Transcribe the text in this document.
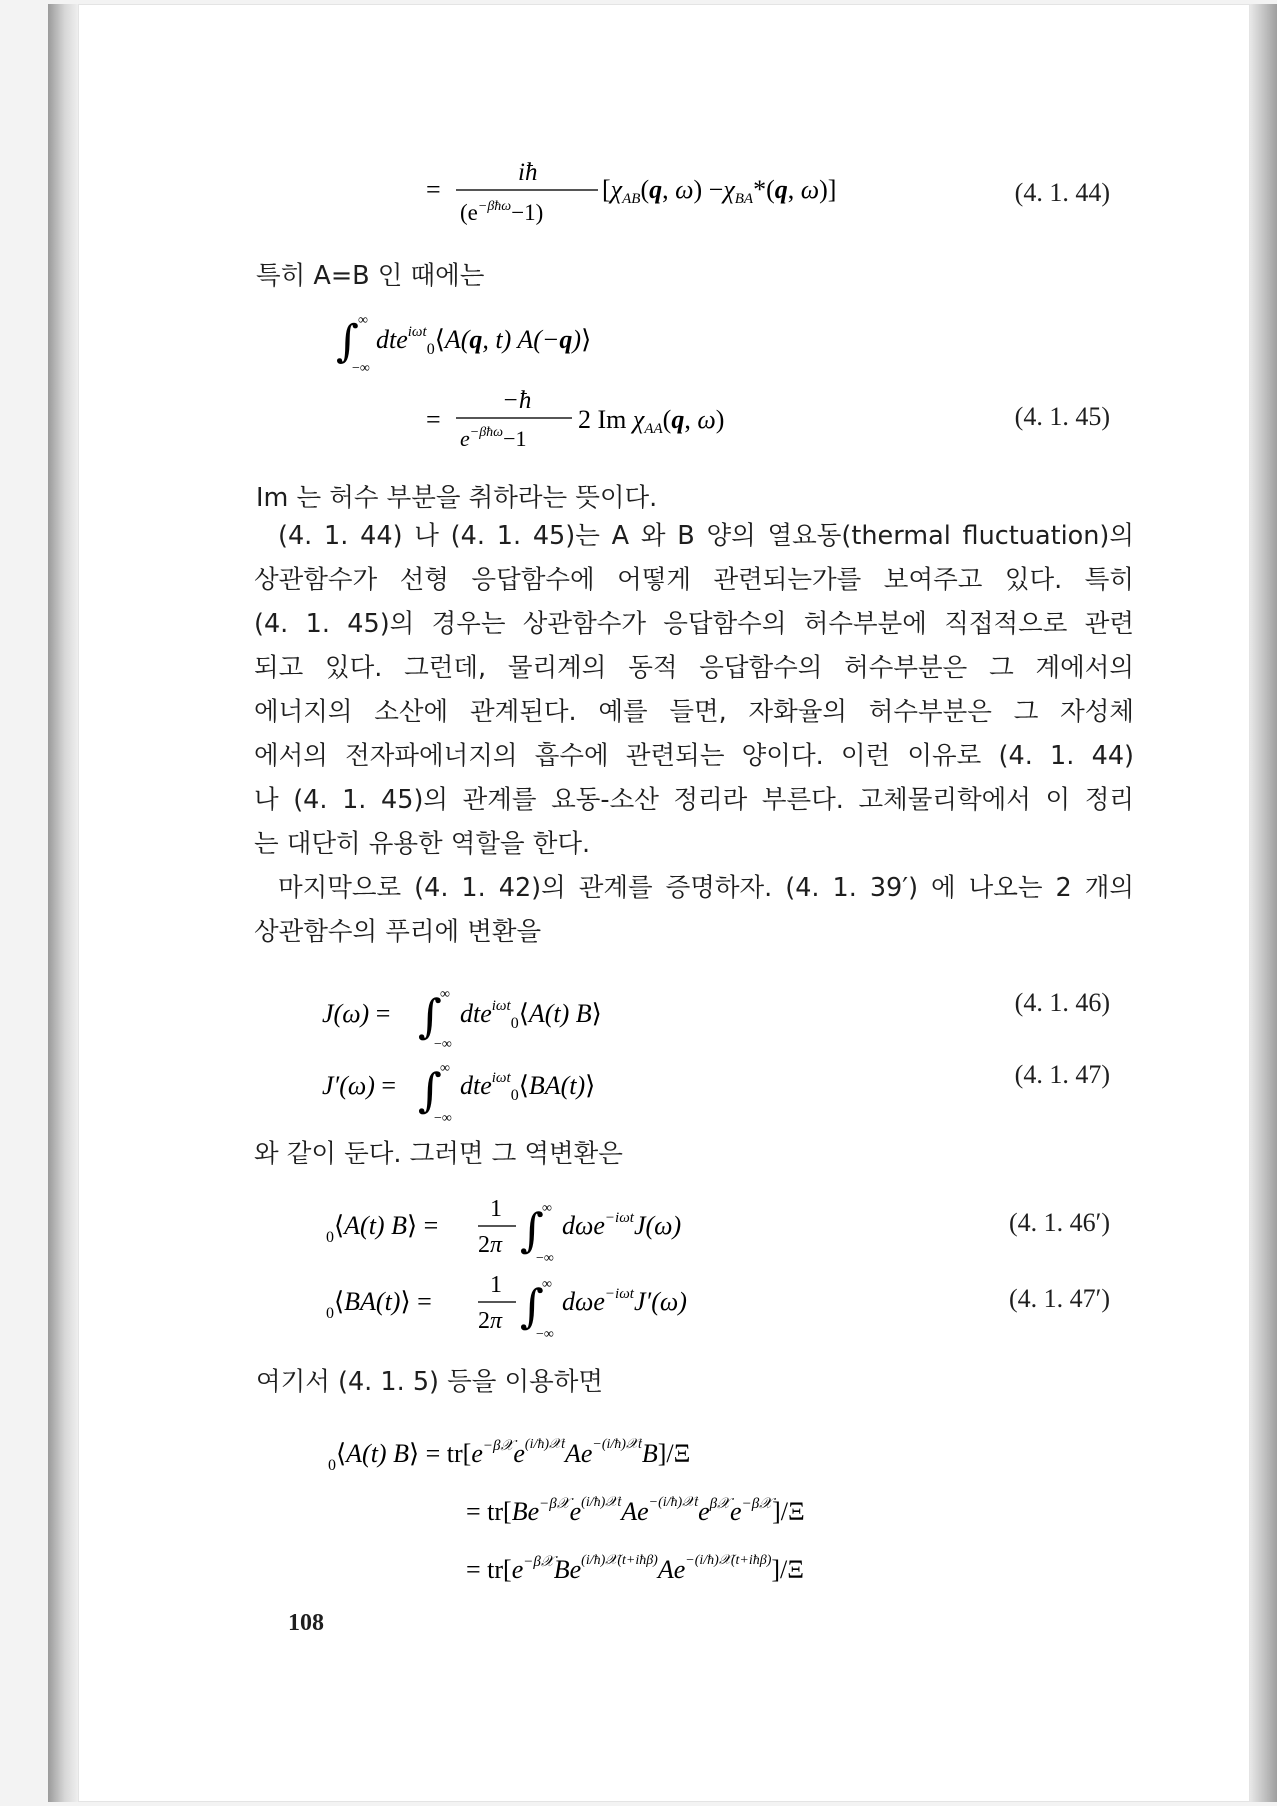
=
iħ
$(e^{-\beta ħ\omega}-1)$
[χAB(q, ω) −χBA*(q, ω)]	(4. 1. 44)
특히 A=B 인 때에는
∫ ∞
−∞
dte$^{i\omega t}_0$⟨A(q, t) A(−q)⟩
=
−ħ
$e^{-\beta ħ\omega}-1$
2 Im χAA(q, ω)	(4. 1. 45)
Im 는 허수 부분을 취하라는 뜻이다.
(4. 1. 44) 나 (4. 1. 45)는 A 와 B 양의 열요동(thermal fluctuation)의
상관함수가 선형 응답함수에 어떻게 관련되는가를 보여주고 있다. 특히
(4. 1. 45)의 경우는 상관함수가 응답함수의 허수부분에 직접적으로 관련
되고 있다. 그런데, 물리계의 동적 응답함수의 허수부분은 그 계에서의
에너지의 소산에 관계된다. 예를 들면, 자화율의 허수부분은 그 자성체
에서의 전자파에너지의 흡수에 관련되는 양이다. 이런 이유로 (4. 1. 44)
나 (4. 1. 45)의 관계를 요동-소산 정리라 부른다. 고체물리학에서 이 정리
는 대단히 유용한 역할을 한다.
마지막으로 (4. 1. 42)의 관계를 증명하자. (4. 1. 39′) 에 나오는 2 개의
상관함수의 푸리에 변환을
J(ω) = ∫
∞
−∞
dte$^{i\omega t}_0$⟨A(t) B⟩	(4. 1. 46)
J′(ω) = ∫
∞
−∞
dte$^{i\omega t}_0$⟨BA(t)⟩	(4. 1. 47)
와 같이 둔다. 그러면 그 역변환은
$_0$⟨A(t) B⟩ =
1
2π ∫
∞
−∞
dωe$^{-i\omega t}$J(ω)	(4. 1. 46′)
$_0$⟨BA(t)⟩ =
1
2π ∫
∞
−∞
dωe$^{-i\omega t}$J′(ω)	(4. 1. 47′)
여기서 (4. 1. 5) 등을 이용하면
$_0$⟨A(t) B⟩ = $tr[e^{-\beta 𝒳}e^{(i/ħ)𝒳t}Ae^{-(i/ħ)𝒳t}B]/\Xi$
= $tr[Be^{-\beta 𝒳}e^{(i/ħ)𝒳t}Ae^{-(i/ħ)𝒳t}e^{\beta 𝒳}e^{-\beta 𝒳}]/\Xi$
= $tr[e^{-\beta 𝒳}Be^{(i/ħ)𝒳(t+iħ\beta)}Ae^{-(i/ħ)𝒳(t+iħ\beta)}]/\Xi$
108
